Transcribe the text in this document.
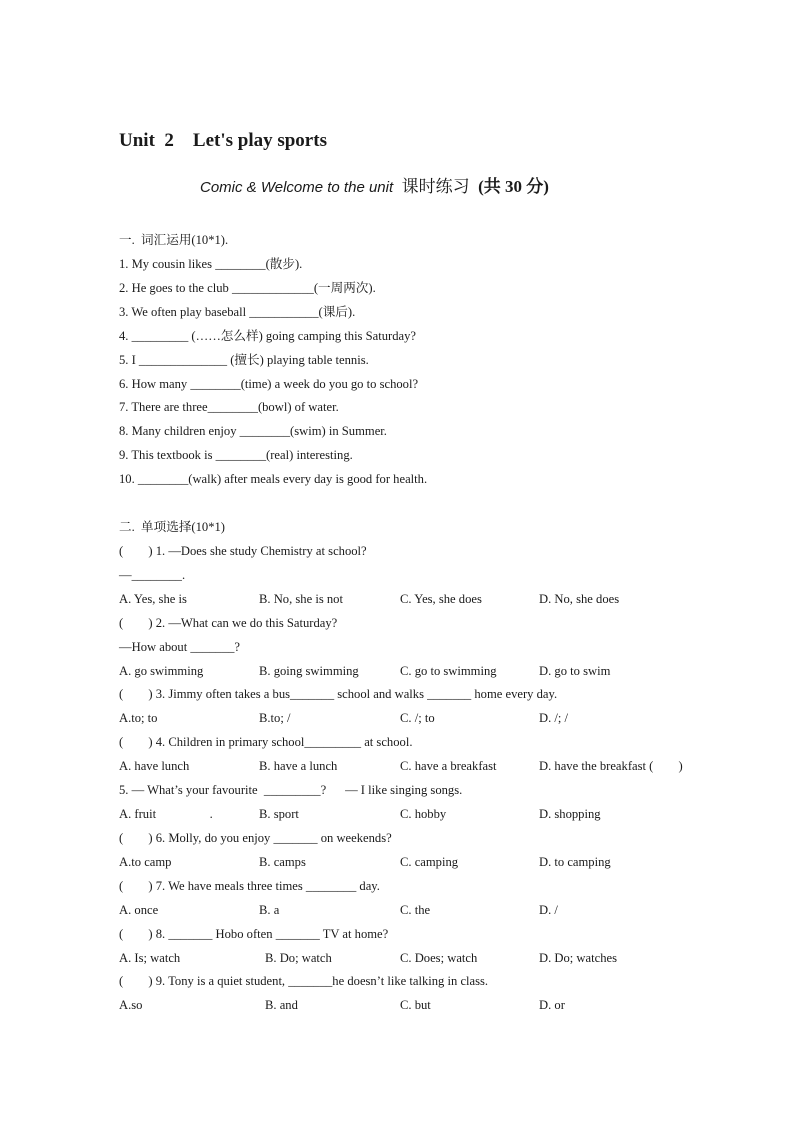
Unit  2    Let's play sports
Comic & Welcome to the unit 课时练习 (共 30 分)
一.  词汇运用(10*1).
1. My cousin likes ________(散步).
2. He goes to the club _____________(一周两次).
3. We often play baseball ___________(课后).
4. _________ (……怎么样) going camping this Saturday?
5. I ______________ (擅长) playing table tennis.
6. How many ________(time) a week do you go to school?
7. There are three________(bowl) of water.
8. Many children enjoy ________(swim) in Summer.
9. This textbook is ________(real) interesting.
10. ________(walk) after meals every day is good for health.
二.  单项选择(10*1)
(        ) 1. —Does she study Chemistry at school?
—________.

A. Yes, she is

	B. No, she is not

	C. Yes, she does

	D. No, she does

(        ) 2. —What can we do this Saturday?
—How about _______?

A. go swimming

	B. going swimming

	C. go to swimming

	D. go to swim

(        ) 3. Jimmy often takes a bus_______ school and walks _______ home every day.

A.to; to

	B.to; /

	C. /; to

	D. /; /

(        ) 4. Children in primary school_________ at school.

A. have lunch

	B. have a lunch

	C. have a breakfast

	D. have the breakfast (        )

5. — What’s your favourite  _________?      — I like singing songs.

A. fruit                 .

	B. sport

	C. hobby

	D. shopping

(        ) 6. Molly, do you enjoy _______ on weekends?

A.to camp

	B. camps

	C. camping

	D. to camping

(        ) 7. We have meals three times ________ day.

A. once

	B. a

	C. the

	D. /

(        ) 8. _______ Hobo often _______ TV at home?

A. Is; watch

	B. Do; watch

	C. Does; watch

	D. Do; watches

(        ) 9. Tony is a quiet student, _______he doesn’t like talking in class.

A.so

	B. and

	C. but

	D. or
